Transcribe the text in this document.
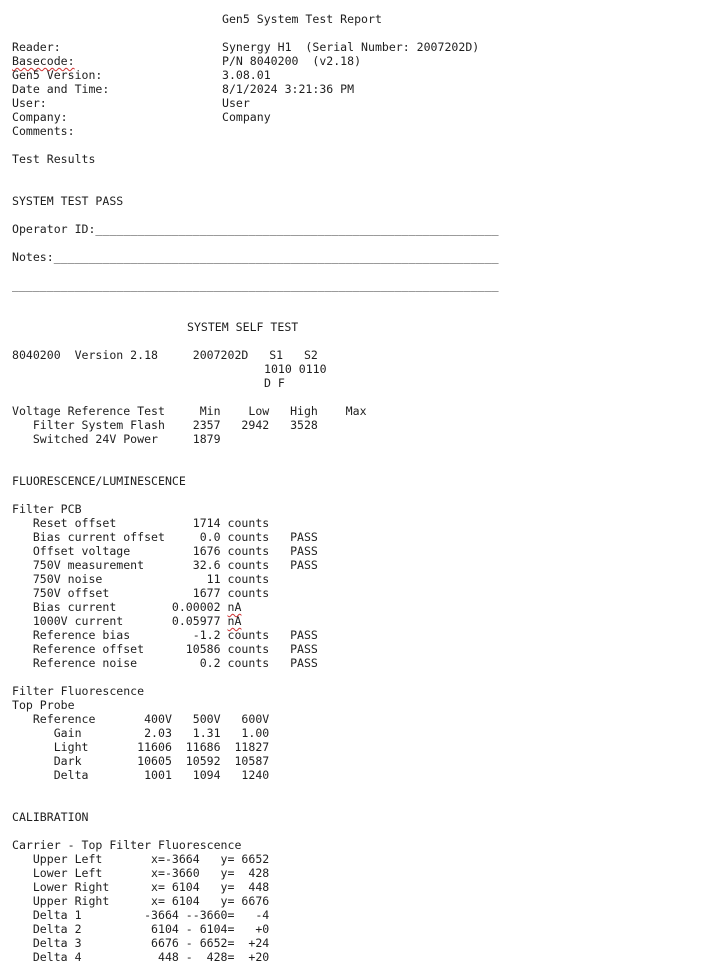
Gen5 System Test Report
Reader:	Synergy H1  (Serial Number: 2007202D)
Basecode:	P/N 8040200  (v2.18)
Gen5 Version:	3.08.01
Date and Time:	8/1/2024 3:21:36 PM
User:	User
Company:	Company
Comments:
Test Results
SYSTEM TEST PASS
Operator ID:__________________________________________________________
Notes:________________________________________________________________
______________________________________________________________________
SYSTEM SELF TEST
8040200  Version 2.18     2007202D   S1   S2
1010 0110
D F
Voltage Reference Test     Min    Low   High    Max
Filter System Flash    2357   2942   3528
Switched 24V Power     1879
FLUORESCENCE/LUMINESCENCE
Filter PCB
Reset offset           1714 counts
Bias current offset     0.0 counts   PASS
Offset voltage         1676 counts   PASS
750V measurement       32.6 counts   PASS
750V noise               11 counts
750V offset            1677 counts
Bias current        0.00002 nA
1000V current       0.05977 nA
Reference bias         -1.2 counts   PASS
Reference offset      10586 counts   PASS
Reference noise         0.2 counts   PASS
Filter Fluorescence
Top Probe
Reference       400V   500V   600V
Gain         2.03   1.31   1.00
Light       11606  11686  11827
Dark        10605  10592  10587
Delta        1001   1094   1240
CALIBRATION
Carrier - Top Filter Fluorescence
Upper Left       x=-3664   y= 6652
Lower Left       x=-3660   y=  428
Lower Right      x= 6104   y=  448
Upper Right      x= 6104   y= 6676
Delta 1         -3664 --3660=   -4
Delta 2          6104 - 6104=   +0
Delta 3          6676 - 6652=  +24
Delta 4           448 -  428=  +20
